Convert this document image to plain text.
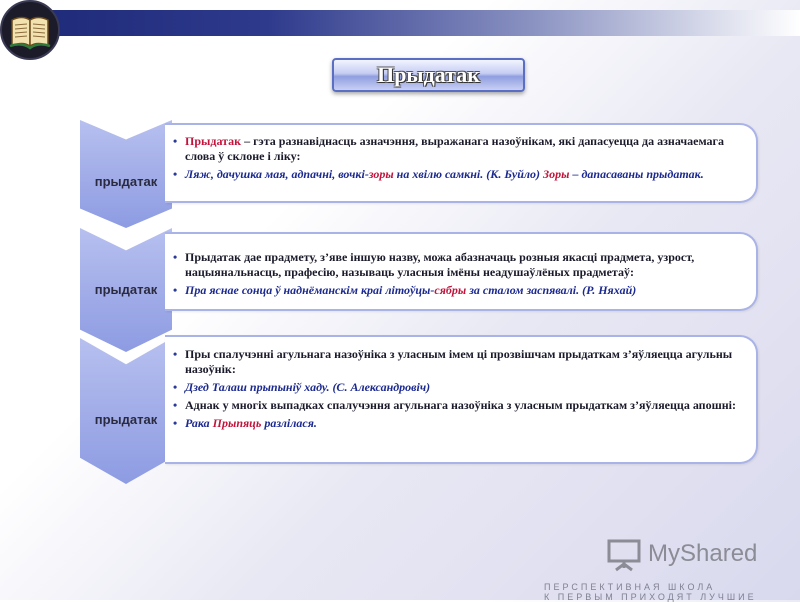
Прыдатак
прыдатак
• Прыдатак – гэта разнавіднасць азначэння, выражанага назоўнікам, які дапасуецца да азначаемага слова ў склоне і ліку:
• Ляж, дачушка мая, адпачні, вочкі-зоры на хвілю самкні. (К. Буйло) Зоры – дапасаваны прыдатак.
прыдатак
• Прыдатак дае прадмету, з’яве іншую назву, можа абазначаць розныя якасці прадмета, узрост, нацыянальнасць, прафесію, называць уласныя імёны неадушаўлёных прадметаў:
• Пра яснае сонца ў наднёманскім краі літоўцы-сябры за сталом заспявалі. (Р. Няхай)
прыдатак
• Пры спалучэнні агульнага назоўніка з уласным імем ці прозвішчам прыдаткам з’яўляецца агульны назоўнік:
• Дзед Талаш прыпыніў хаду. (С. Александровіч)
• Аднак у многіх выпадках спалучэння агульнага назоўніка з уласным прыдаткам з’яўляецца апошні:
• Рака Прыпяць разлілася.
MyShared
ПЕРСПЕКТИВНАЯ ШКОЛА
К ПЕРВЫМ ПРИХОДЯТ ЛУЧШИЕ
